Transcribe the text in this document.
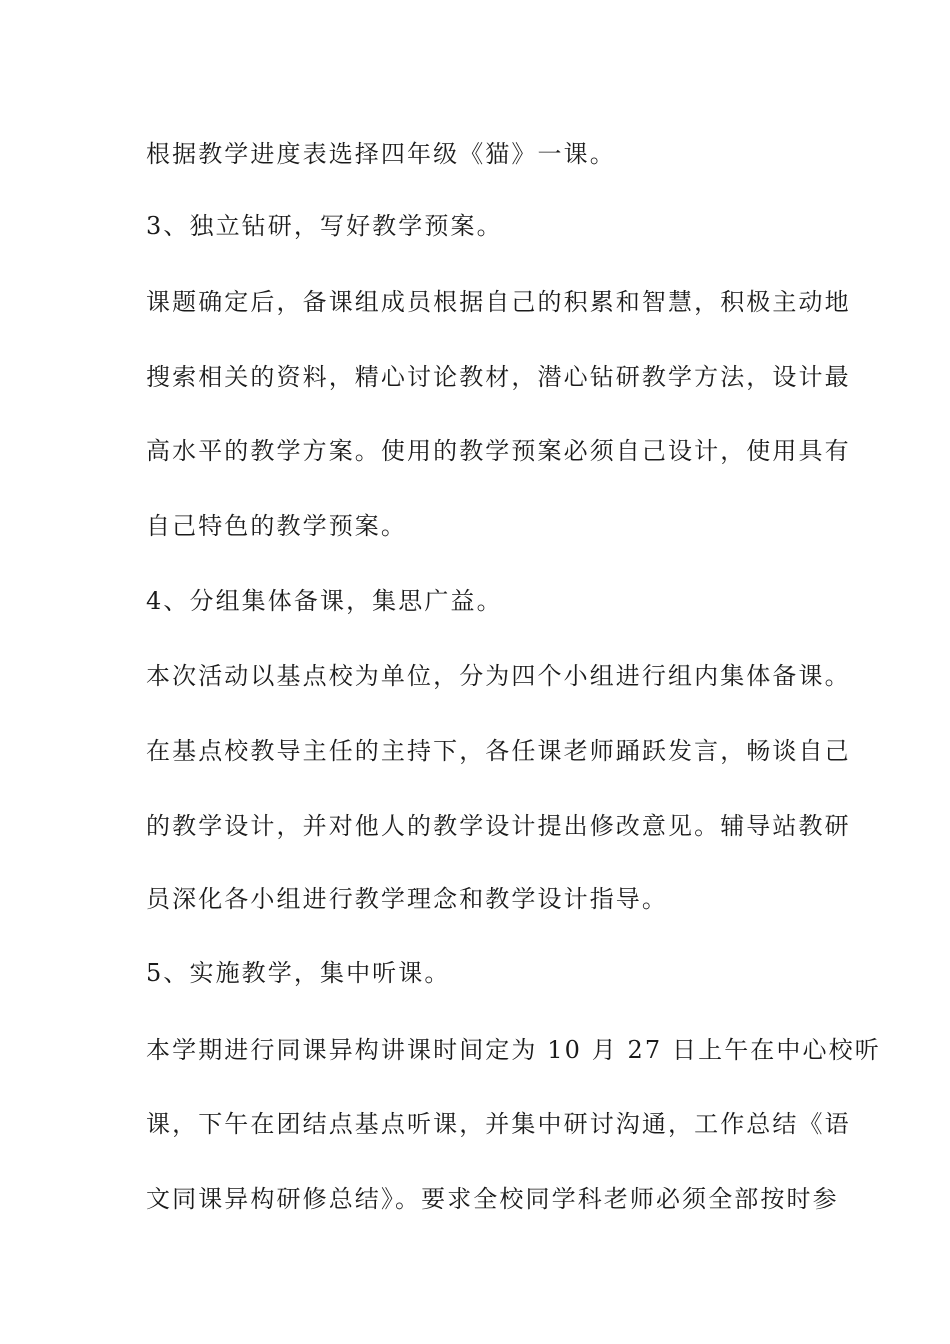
根据教学进度表选择四年级《猫》一课。
3、独立钻研，写好教学预案。
课题确定后，备课组成员根据自己的积累和智慧，积极主动地
搜索相关的资料，精心讨论教材，潜心钻研教学方法，设计最
高水平的教学方案。使用的教学预案必须自己设计，使用具有
自己特色的教学预案。
4、分组集体备课，集思广益。
本次活动以基点校为单位，分为四个小组进行组内集体备课。
在基点校教导主任的主持下，各任课老师踊跃发言，畅谈自己
的教学设计，并对他人的教学设计提出修改意见。辅导站教研
员深化各小组进行教学理念和教学设计指导。
5、实施教学，集中听课。
本学期进行同课异构讲课时间定为 10 月 27 日上午在中心校听
课，下午在团结点基点听课，并集中研讨沟通，工作总结《语
文同课异构研修总结》。要求全校同学科老师必须全部按时参
